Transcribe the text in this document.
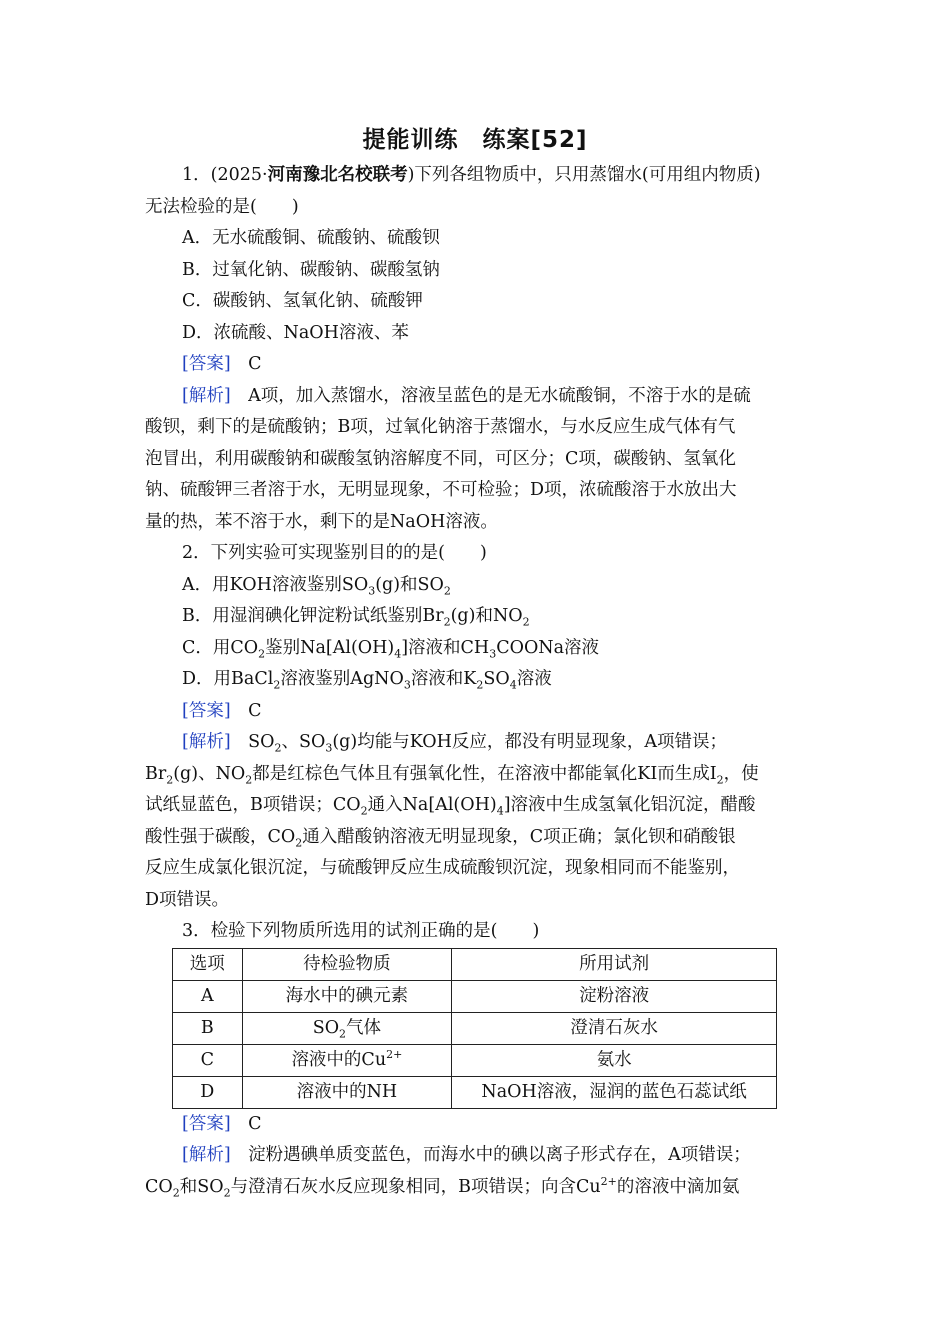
提能训练　练案[52]

1．(2025·河南豫北名校联考)下列各组物质中，只用蒸馏水(可用组内物质)

无法检验的是(　　)

A．无水硫酸铜、硫酸钠、硫酸钡

B．过氧化钠、碳酸钠、碳酸氢钠

C．碳酸钠、氢氧化钠、硫酸钾

D．浓硫酸、NaOH溶液、苯

[答案]　 C

[解析]　 A项，加入蒸馏水，溶液呈蓝色的是无水硫酸铜，不溶于水的是硫

酸钡，剩下的是硫酸钠；B项，过氧化钠溶于蒸馏水，与水反应生成气体有气

泡冒出，利用碳酸钠和碳酸氢钠溶解度不同，可区分；C项，碳酸钠、氢氧化

钠、硫酸钾三者溶于水，无明显现象，不可检验；D项，浓硫酸溶于水放出大

量的热，苯不溶于水，剩下的是NaOH溶液。

2．下列实验可实现鉴别目的的是(　　)

A．用KOH溶液鉴别$SO_3(g)$和$SO_2$

B．用湿润碘化钾淀粉试纸鉴别$Br_2(g)$和$NO_2$

C．用$CO_2$鉴别$Na[Al(OH)_4]$溶液和$CH_3COONa$溶液

D．用BaCl$_2$溶液鉴别AgNO$_3$溶液和$K_2SO_4$溶液

[答案]　 C

[解析]　 $SO_2$、$SO_3(g)$均能与KOH反应，都没有明显现象，A项错误；

$Br_2(g)$、$NO_2$都是红棕色气体且有强氧化性，在溶液中都能氧化KI而生成$I_2$，使

试纸显蓝色，B项错误；$CO_2$通入$Na[Al(OH)_4]$溶液中生成氢氧化铝沉淀，醋酸

酸性强于碳酸，$CO_2$通入醋酸钠溶液无明显现象，C项正确；氯化钡和硝酸银

反应生成氯化银沉淀，与硫酸钾反应生成硫酸钡沉淀，现象相同而不能鉴别，

D项错误。

3．检验下列物质所选用的试剂正确的是(　　)

选项	待检验物质	所用试剂
A	海水中的碘元素	淀粉溶液
B	$SO_2$气体	澄清石灰水
C	溶液中的$Cu^{2+}$	氨水
D	溶液中的NH	NaOH溶液，湿润的蓝色石蕊试纸

[答案]　 C

[解析]　 淀粉遇碘单质变蓝色，而海水中的碘以离子形式存在，A项错误；

$CO_2$和$SO_2$与澄清石灰水反应现象相同，B项错误；向含$Cu^{2+}$的溶液中滴加氨
